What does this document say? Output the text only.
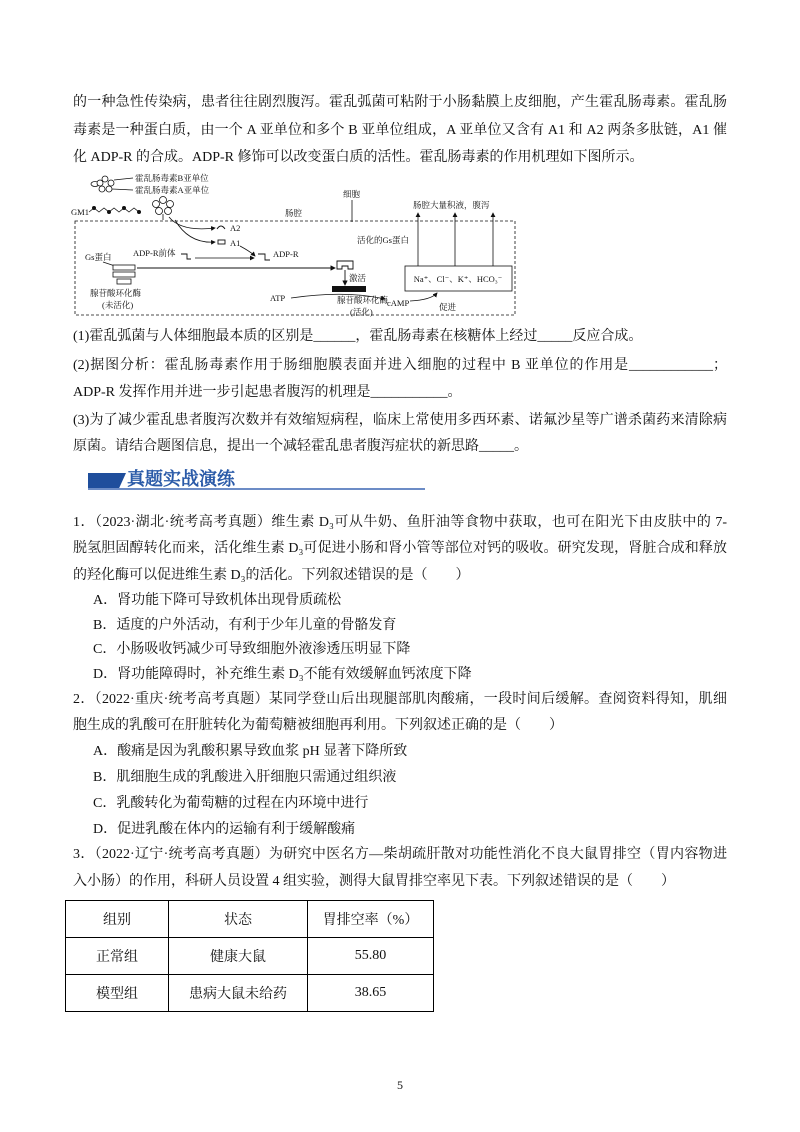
的一种急性传染病，患者往往剧烈腹泻。霍乱弧菌可粘附于小肠黏膜上皮细胞，产生霍乱肠毒素。霍乱肠
毒素是一种蛋白质，由一个 A 亚单位和多个 B 亚单位组成，A 亚单位又含有 A1 和 A2 两条多肽链，A1 催
化 ADP-R 的合成。ADP-R 修饰可以改变蛋白质的活性。霍乱肠毒素的作用机理如下图所示。
霍乱肠毒素B亚单位
霍乱肠毒素A亚单位
GM1	肠腔
细胞
肠腔大量积液，腹泻
A2
A1
Gs蛋白	ADP-R前体	ADP-R
腺苷酸环化酶
(未活化)
活化的Gs蛋白
激活
腺苷酸环化酶
(活化)
ATP	cAMP	促进
Na⁺、Cl⁻、K⁺、HCO₃⁻
(1)霍乱弧菌与人体细胞最本质的区别是______，霍乱肠毒素在核糖体上经过_____反应合成。
(2)据图分析：霍乱肠毒素作用于肠细胞膜表面并进入细胞的过程中 B 亚单位的作用是____________；
ADP-R 发挥作用并进一步引起患者腹泻的机理是___________。
(3)为了减少霍乱患者腹泻次数并有效缩短病程，临床上常使用多西环素、诺氟沙星等广谱杀菌药来清除病
原菌。请结合题图信息，提出一个减轻霍乱患者腹泻症状的新思路_____。
真题实战演练
1．（2023·湖北·统考高考真题）维生素 D₃可从牛奶、鱼肝油等食物中获取，也可在阳光下由皮肤中的 7-
脱氢胆固醇转化而来，活化维生素 D₃可促进小肠和肾小管等部位对钙的吸收。研究发现，肾脏合成和释放
的羟化酶可以促进维生素 D₃的活化。下列叙述错误的是（　　）
A．肾功能下降可导致机体出现骨质疏松
B．适度的户外活动，有利于少年儿童的骨骼发育
C．小肠吸收钙减少可导致细胞外液渗透压明显下降
D．肾功能障碍时，补充维生素 D₃不能有效缓解血钙浓度下降
2．（2022·重庆·统考高考真题）某同学登山后出现腿部肌肉酸痛，一段时间后缓解。查阅资料得知，肌细
胞生成的乳酸可在肝脏转化为葡萄糖被细胞再利用。下列叙述正确的是（　　）
A．酸痛是因为乳酸积累导致血浆 pH 显著下降所致
B．肌细胞生成的乳酸进入肝细胞只需通过组织液
C．乳酸转化为葡萄糖的过程在内环境中进行
D．促进乳酸在体内的运输有利于缓解酸痛
3．（2022·辽宁·统考高考真题）为研究中医名方—柴胡疏肝散对功能性消化不良大鼠胃排空（胃内容物进
入小肠）的作用，科研人员设置 4 组实验，测得大鼠胃排空率见下表。下列叙述错误的是（　　）
组别	状态	胃排空率（%）
正常组	健康大鼠	55.80
模型组	患病大鼠未给药	38.65
5
